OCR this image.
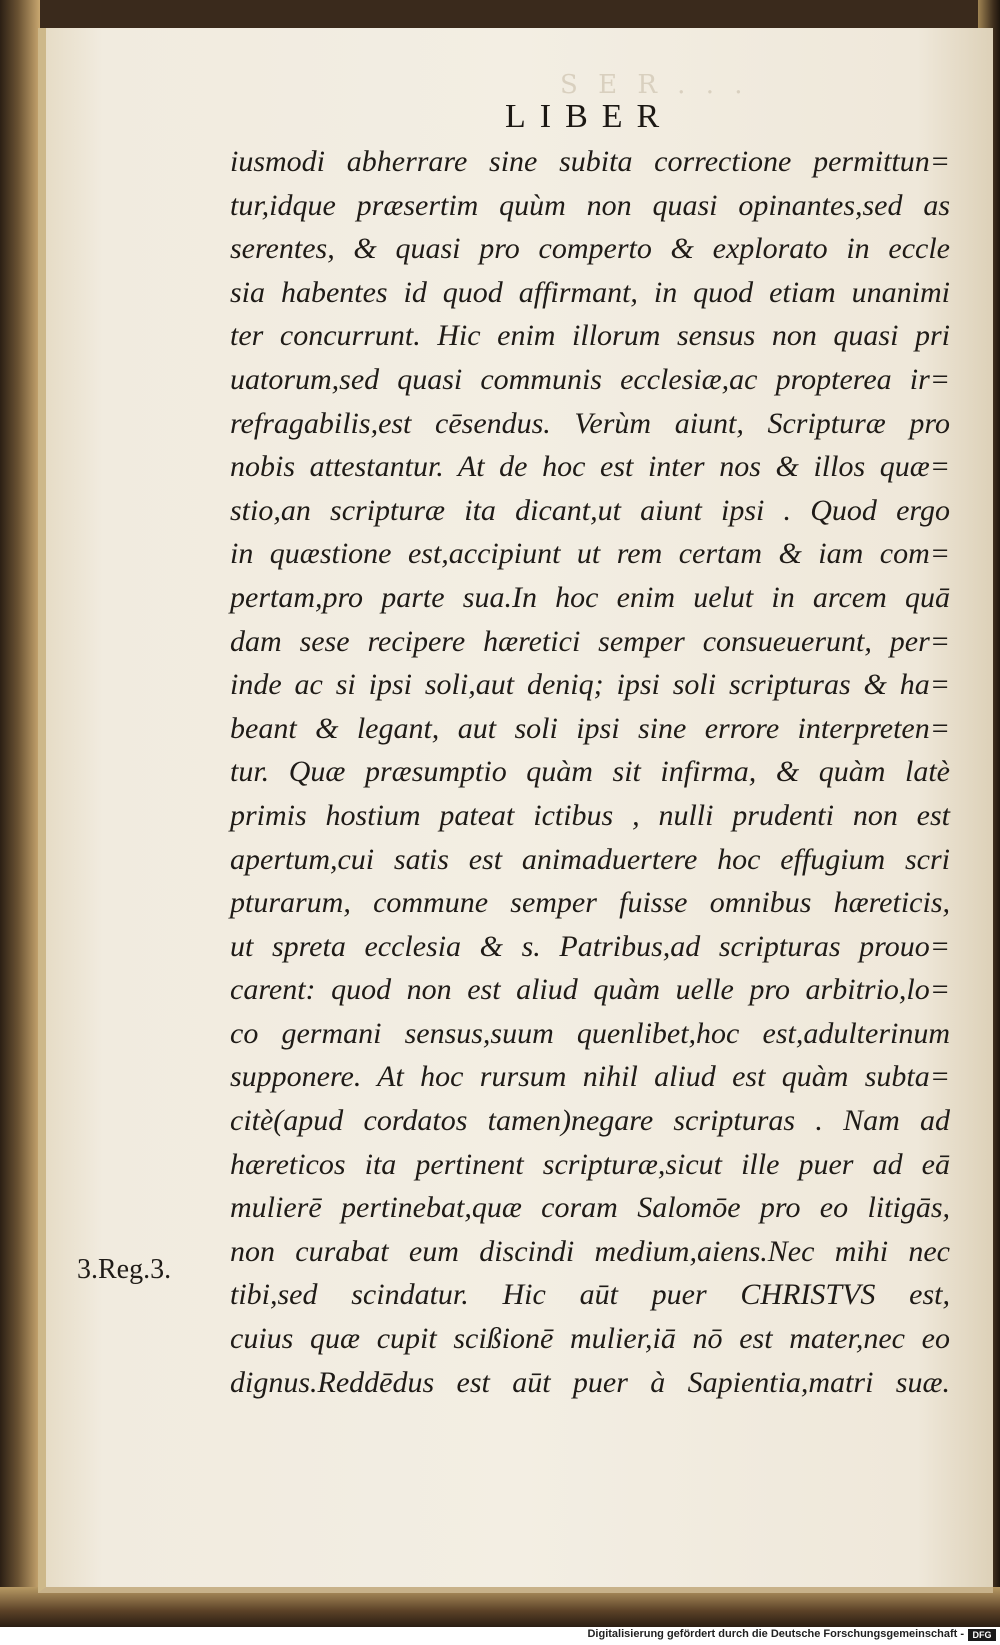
S E R . . .
LIBER
iusmodi abherrare sine subita correctione permittun=
tur,idque præsertim quùm non quasi opinantes,sed as
serentes, & quasi pro comperto & explorato in eccle
sia habentes id quod affirmant, in quod etiam unanimi
ter concurrunt. Hic enim illorum sensus non quasi pri
uatorum,sed quasi communis ecclesiæ,ac propterea ir=
refragabilis,est cēsendus. Verùm aiunt, Scripturæ pro
nobis attestantur. At de hoc est inter nos & illos quæ=
stio,an scripturæ ita dicant,ut aiunt ipsi . Quod ergo
in quæstione est,accipiunt ut rem certam & iam com=
pertam,pro parte sua.In hoc enim uelut in arcem quā
dam sese recipere hæretici semper consueuerunt, per=
inde ac si ipsi soli,aut deniq; ipsi soli scripturas & ha=
beant & legant, aut soli ipsi sine errore interpreten=
tur. Quæ præsumptio quàm sit infirma, & quàm latè
primis hostium pateat ictibus , nulli prudenti non est
apertum,cui satis est animaduertere hoc effugium scri
pturarum, commune semper fuisse omnibus hæreticis,
ut spreta ecclesia & s. Patribus,ad scripturas prouo=
carent: quod non est aliud quàm uelle pro arbitrio,lo=
co germani sensus,suum quenlibet,hoc est,adulterinum
supponere. At hoc rursum nihil aliud est quàm subta=
citè(apud cordatos tamen)negare scripturas . Nam ad
hæreticos ita pertinent scripturæ,sicut ille puer ad eā
mulierē pertinebat,quæ coram Salomōe pro eo litigās,
non curabat eum discindi medium,aiens.Nec mihi nec
tibi,sed scindatur. Hic aūt puer CHRISTVS est,
cuius quæ cupit scißionē mulier,iā nō est mater,nec eo
dignus.Reddēdus est aūt puer à Sapientia,matri suæ.
3.Reg.3.
Digitalisierung gefördert durch die Deutsche Forschungsgemeinschaft - DFG
